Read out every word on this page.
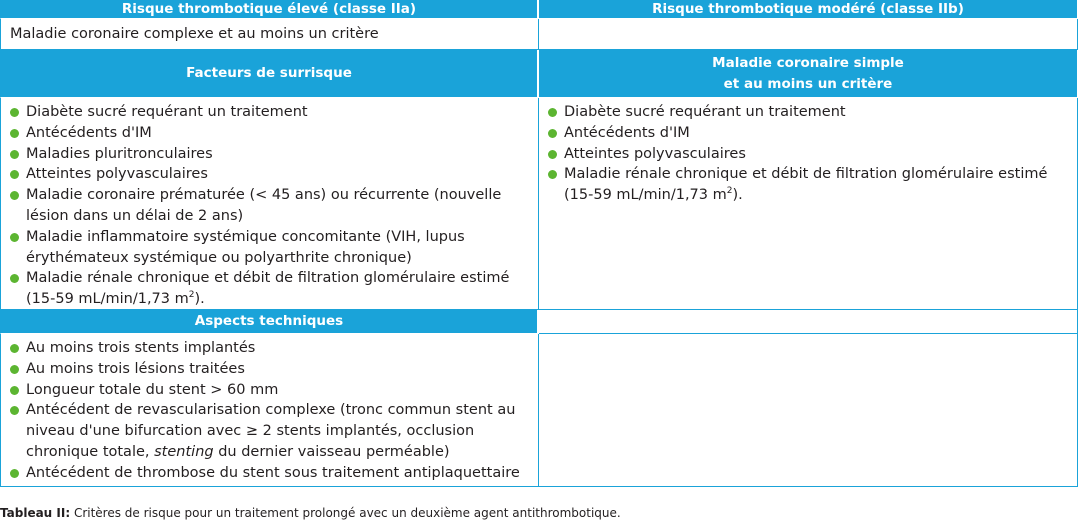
Risque thrombotique élevé (classe IIa)	Risque thrombotique modéré (classe IIb)
Maladie coronaire complexe et au moins un critère
Facteurs de surrisque
Maladie coronaire simple
et au moins un critère
Diabète sucré requérant un traitement
Antécédents d'IM
Maladies pluritronculaires
Atteintes polyvasculaires
Maladie coronaire prématurée (< 45 ans) ou récurrente (nouvelle lésion dans un délai de 2 ans)
Maladie inflammatoire systémique concomitante (VIH, lupus érythémateux systémique ou polyarthrite chronique)
Maladie rénale chronique et débit de filtration glomérulaire estimé (15-59 mL/min/1,73 $m^2$).
Diabète sucré requérant un traitement
Antécédents d'IM
Atteintes polyvasculaires
Maladie rénale chronique et débit de filtration glomérulaire estimé (15-59 mL/min/1,73 $m^2$).
Aspects techniques
Au moins trois stents implantés
Au moins trois lésions traitées
Longueur totale du stent > 60 mm
Antécédent de revascularisation complexe (tronc commun stent au niveau d'une bifurcation avec ≥ 2 stents implantés, occlusion chronique totale, stenting du dernier vaisseau perméable)
Antécédent de thrombose du stent sous traitement antiplaquettaire
Tableau II: Critères de risque pour un traitement prolongé avec un deuxième agent antithrombotique.
